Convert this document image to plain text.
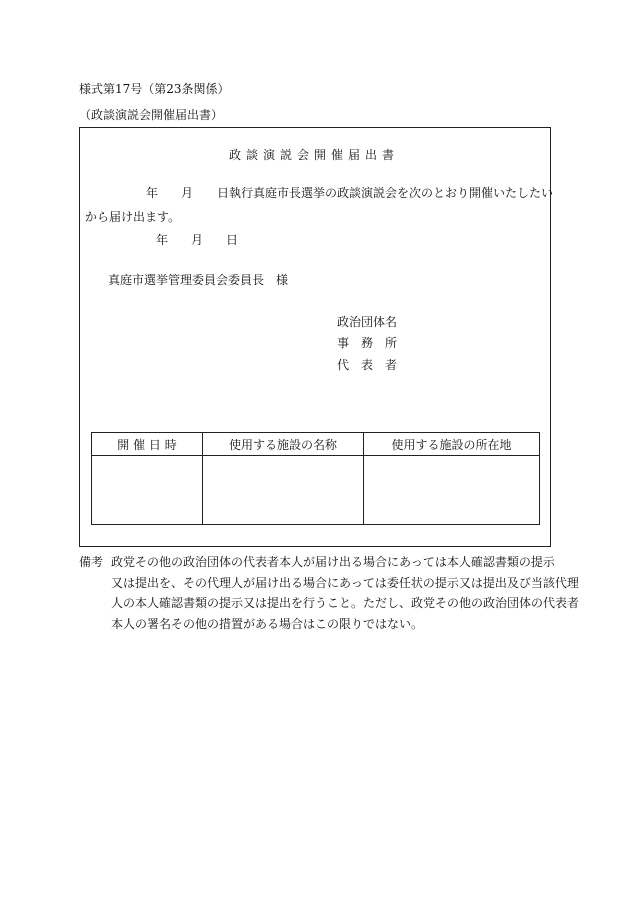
様式第17号（第23条関係）
（政談演説会開催届出書）
政談演説会開催届出書
年 月 日執行真庭市長選挙の政談演説会を次のとおり開催いたしたい
から届け出ます。
年 月 日
真庭市選挙管理委員会委員長　様
政治団体名
事　務　所
代　表　者
開 催 日 時	使用する施設の名称	使用する施設の所在地

備考 政党その他の政治団体の代表者本人が届け出る場合にあっては本人確認書類の提示
又は提出を、その代理人が届け出る場合にあっては委任状の提示又は提出及び当該代理
人の本人確認書類の提示又は提出を行うこと。ただし、政党その他の政治団体の代表者
本人の署名その他の措置がある場合はこの限りではない。
